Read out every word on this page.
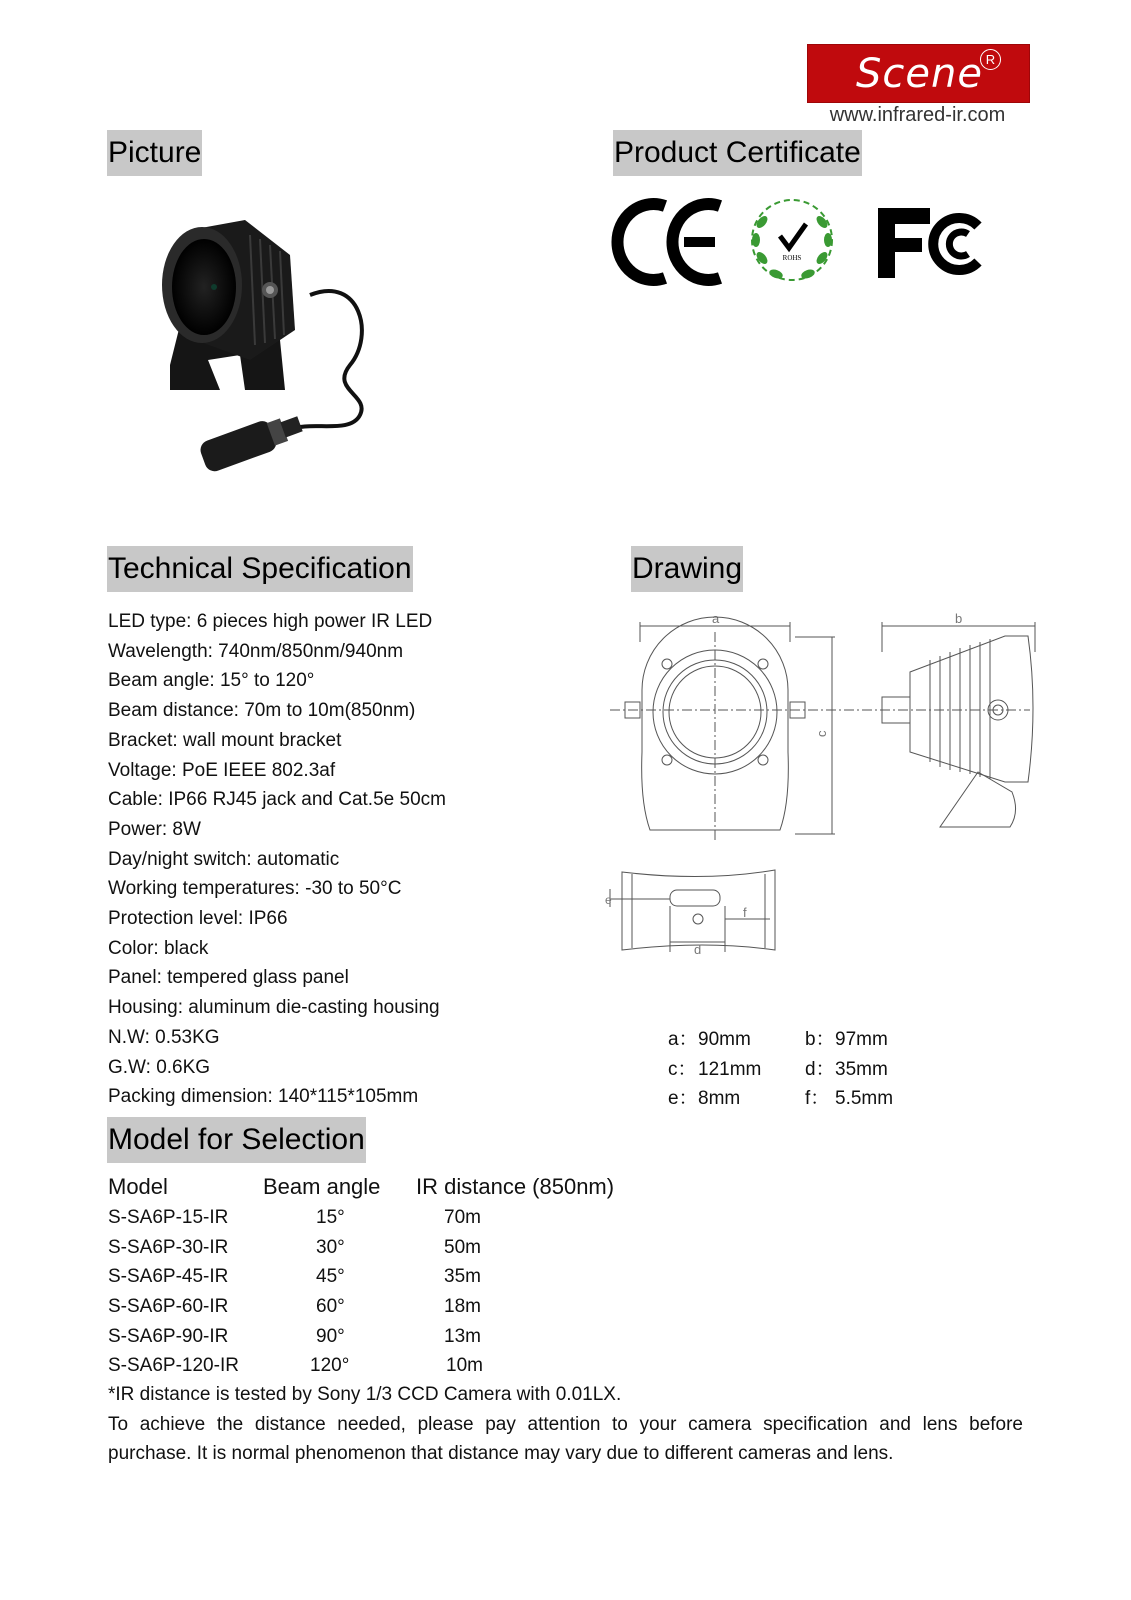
Scene R
www.infrared-ir.com
Picture	Product Certificate
Technical Specification	Drawing
Model for Selection
ROHS
a
c
b
d
e
f
LED type: 6 pieces high power IR LED
Wavelength: 740nm/850nm/940nm
Beam angle: 15° to 120°
Beam distance: 70m to 10m(850nm)
Bracket: wall mount bracket
Voltage: PoE IEEE 802.3af
Cable: IP66 RJ45 jack and Cat.5e 50cm
Power: 8W
Day/night switch: automatic
Working temperatures: -30 to 50°C
Protection level: IP66
Color: black
Panel: tempered glass panel
Housing: aluminum die-casting housing
N.W: 0.53KG
G.W: 0.6KG
Packing dimension: 140*115*105mm
a： 90mm	b： 97mm
c： 121mm	d： 35mm
e： 8mm	f： 5.5mm
Model	Beam angle	IR distance (850nm)
S-SA6P-15-IR	15°	70m
S-SA6P-30-IR	30°	50m
S-SA6P-45-IR	45°	35m
S-SA6P-60-IR	60°	18m
S-SA6P-90-IR	90°	13m
S-SA6P-120-IR	120°	10m
*IR distance is tested by Sony 1/3 CCD Camera with 0.01LX.
To achieve the distance needed, please pay attention to your camera specification and lens before
purchase. It is normal phenomenon that distance may vary due to different cameras and lens.
